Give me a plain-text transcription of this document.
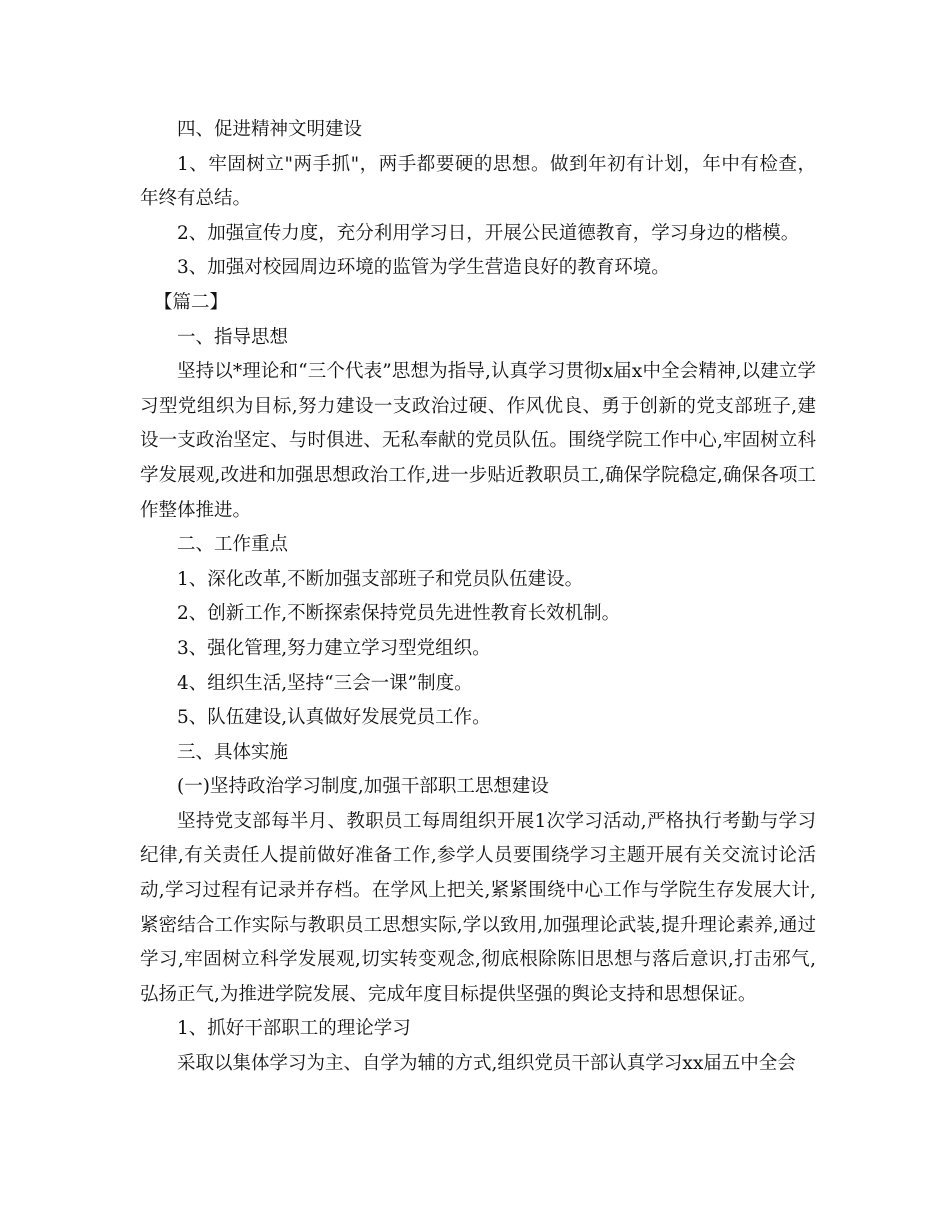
四、促进精神文明建设

1、牢固树立"两手抓"，两手都要硬的思想。做到年初有计划，年中有检查，年终有总结。

2、加强宣传力度，充分利用学习日，开展公民道德教育，学习身边的楷模。

3、加强对校园周边环境的监管为学生营造良好的教育环境。

【篇二】

一、指导思想

坚持以*理论和“三个代表”思想为指导,认真学习贯彻x届x中全会精神,以建立学习型党组织为目标,努力建设一支政治过硬、作风优良、勇于创新的党支部班子,建设一支政治坚定、与时俱进、无私奉献的党员队伍。围绕学院工作中心,牢固树立科学发展观,改进和加强思想政治工作,进一步贴近教职员工,确保学院稳定,确保各项工作整体推进。

二、工作重点

1、深化改革,不断加强支部班子和党员队伍建设。

2、创新工作,不断探索保持党员先进性教育长效机制。

3、强化管理,努力建立学习型党组织。

4、组织生活,坚持“三会一课”制度。

5、队伍建设,认真做好发展党员工作。

三、具体实施

(一)坚持政治学习制度,加强干部职工思想建设

坚持党支部每半月、教职员工每周组织开展1次学习活动,严格执行考勤与学习纪律,有关责任人提前做好准备工作,参学人员要围绕学习主题开展有关交流讨论活动,学习过程有记录并存档。在学风上把关,紧紧围绕中心工作与学院生存发展大计,紧密结合工作实际与教职员工思想实际,学以致用,加强理论武装,提升理论素养,通过学习,牢固树立科学发展观,切实转变观念,彻底根除陈旧思想与落后意识,打击邪气,弘扬正气,为推进学院发展、完成年度目标提供坚强的舆论支持和思想保证。

1、抓好干部职工的理论学习

采取以集体学习为主、自学为辅的方式,组织党员干部认真学习xx届五中全会
